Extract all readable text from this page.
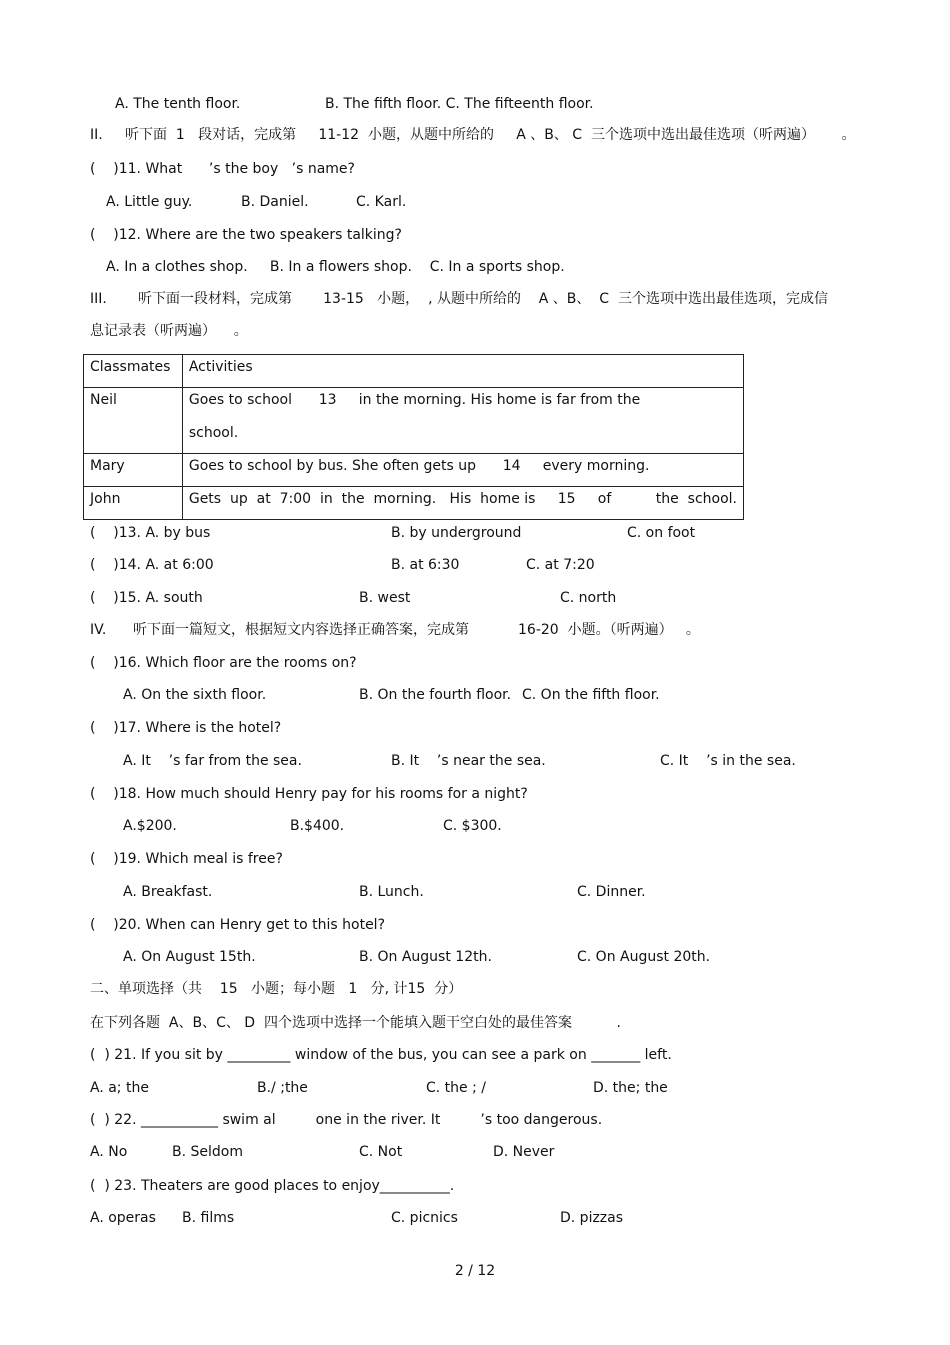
A. The tenth floor.	B. The fifth floor. C. The fifteenth floor.
II.     听下面  1   段对话，完成第     11-12  小题，从题中所给的     A 、B、 C  三个选项中选出最佳选项（听两遍）      。
(    )11. What      ’s the boy   ’s name?
A. Little guy.	B. Daniel.	C. Karl.
(    )12. Where are the two speakers talking?
A. In a clothes shop.     B. In a flowers shop.    C. In a sports shop.
III.       听下面一段材料，完成第       13-15   小题，  , 从题中所给的    A 、B、  C  三个选项中选出最佳选项，完成信
息记录表（听两遍）    。
(    )13. A. by bus	B. by underground	C. on foot
(    )14. A. at 6:00	B. at 6:30	C. at 7:20
(    )15. A. south	B. west	C. north
IV.      听下面一篇短文，根据短文内容选择正确答案，完成第           16-20  小题。（听两遍）   。
(    )16. Which floor are the rooms on?
A. On the sixth floor.	B. On the fourth floor. C. On the fifth floor.
(    )17. Where is the hotel?
A. It    ’s far from the sea.	B. It    ’s near the sea.	C. It    ’s in the sea.
(    )18. How much should Henry pay for his rooms for a night?
A.$200.	B.$400.	C. $300.
(    )19. Which meal is free?
A. Breakfast.	B. Lunch.	C. Dinner.
(    )20. When can Henry get to this hotel?
A. On August 15th.	B. On August 12th.	C. On August 20th.
二、单项选择（共    15   小题；每小题   1   分, 计15  分）
在下列各题  A、B、C、 D  四个选项中选择一个能填入题干空白处的最佳答案          .
(  ) 21. If you sit by _________ window of the bus, you can see a park on _______ left.
A. a; the	B./ ;the	C. the ; /	D. the; the
(  ) 22. ___________ swim al         one in the river. It         ’s too dangerous.
A. No	B. Seldom	C. Not	D. Never
(  ) 23. Theaters are good places to enjoy__________.
A. operas B. films	C. picnics	D. pizzas
Classmates	Activities
Neil	Goes to school      13     in the morning. His home is far from the
school.

Mary	Goes to school by bus. She often gets up      14     every morning.
John	Gets  up  at  7:00  in  the  morning.   His  home is     15     of          the  school.
2 / 12
